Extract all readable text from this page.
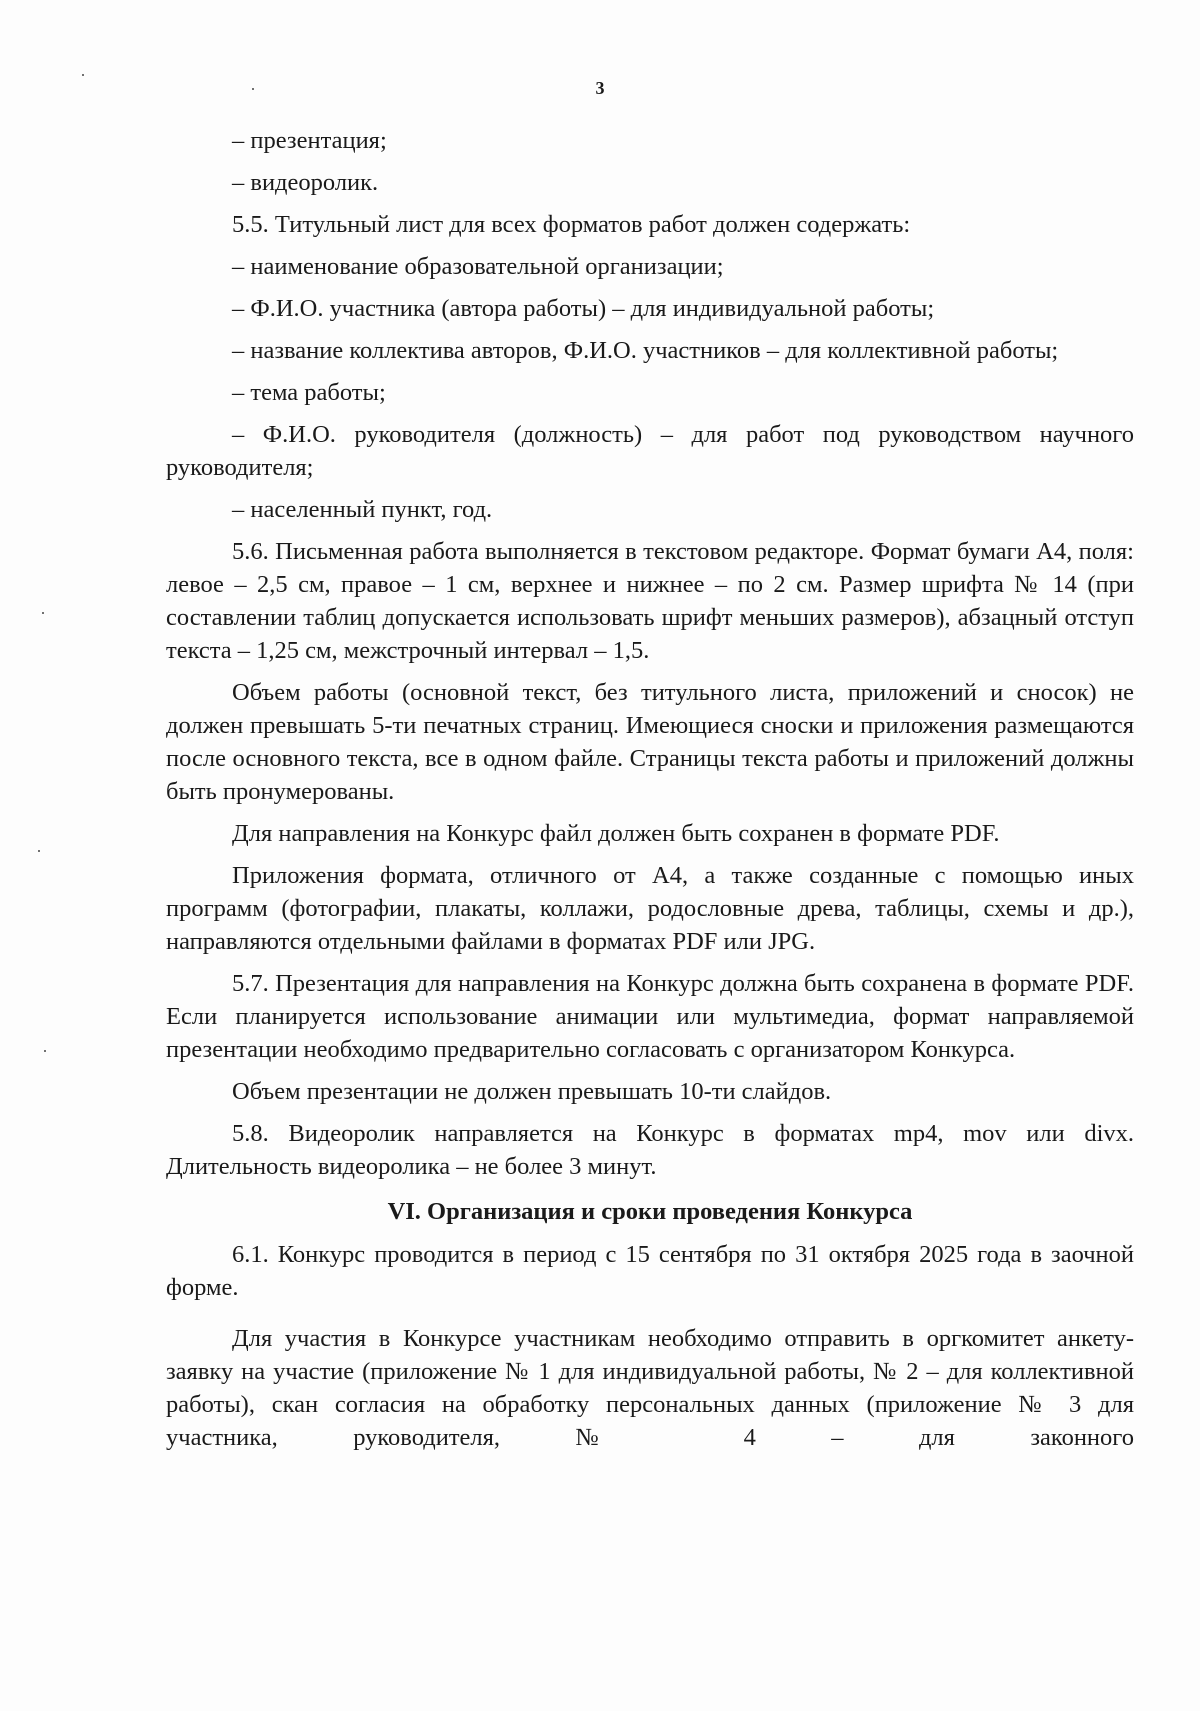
3

– презентация;

– видеоролик.

5.5. Титульный лист для всех форматов работ должен содержать:

– наименование образовательной организации;

– Ф.И.О. участника (автора работы) – для индивидуальной работы;

– название коллектива авторов, Ф.И.О. участников – для коллективной работы;

– тема работы;

– Ф.И.О. руководителя (должность) – для работ под руководством научного руководителя;

– населенный пункт, год.

5.6. Письменная работа выполняется в текстовом редакторе. Формат бумаги А4, поля: левое – 2,5 см, правое – 1 см, верхнее и нижнее – по 2 см. Размер шрифта № 14 (при составлении таблиц допускается использовать шрифт меньших размеров), абзацный отступ текста – 1,25 см, межстрочный интервал – 1,5.

Объем работы (основной текст, без титульного листа, приложений и сносок) не должен превышать 5-ти печатных страниц. Имеющиеся сноски и приложения размещаются после основного текста, все в одном файле. Страницы текста работы и приложений должны быть пронумерованы.

Для направления на Конкурс файл должен быть сохранен в формате PDF.

Приложения формата, отличного от А4, а также созданные с помощью иных программ (фотографии, плакаты, коллажи, родословные древа, таблицы, схемы и др.), направляются отдельными файлами в форматах PDF или JPG.

5.7. Презентация для направления на Конкурс должна быть сохранена в формате PDF. Если планируется использование анимации или мультимедиа, формат направляемой презентации необходимо предварительно согласовать с организатором Конкурса.

Объем презентации не должен превышать 10-ти слайдов.

5.8. Видеоролик направляется на Конкурс в форматах mp4, mov или divx. Длительность видеоролика – не более 3 минут.

VI. Организация и сроки проведения Конкурса

6.1. Конкурс проводится в период с 15 сентября по 31 октября 2025 года в заочной форме.

Для участия в Конкурсе участникам необходимо отправить в оргкомитет анкету-заявку на участие (приложение № 1 для индивидуальной работы, № 2 – для коллективной работы), скан согласия на обработку персональных данных (приложение № 3 для участника, руководителя, № 4 – для законного
